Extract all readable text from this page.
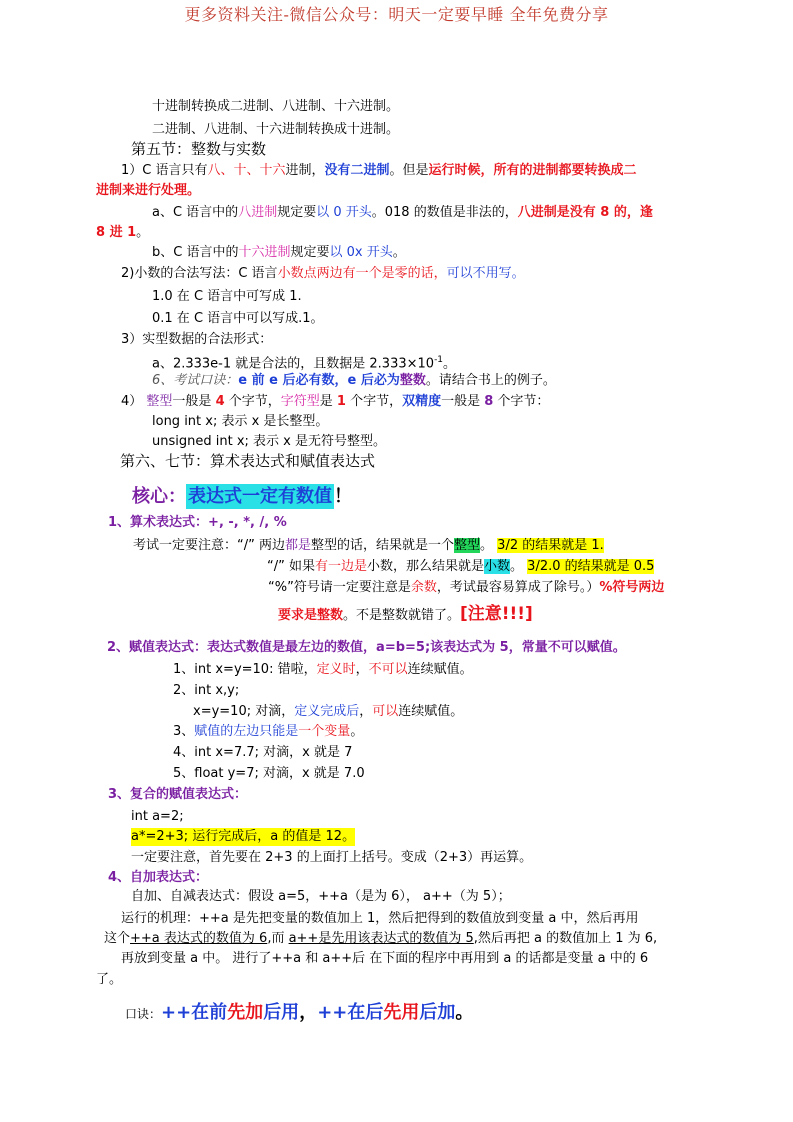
更多资料关注-微信公众号：明天一定要早睡 全年免费分享
十进制转换成二进制、八进制、十六进制。
二进制、八进制、十六进制转换成十进制。
第五节：整数与实数
1）C 语言只有八、十、十六进制，没有二进制。但是运行时候，所有的进制都要转换成二
进制来进行处理。
a、C 语言中的八进制规定要以 0 开头。018 的数值是非法的，八进制是没有 8 的，逢
8 进 1。
b、C 语言中的十六进制规定要以 0x 开头。
2)小数的合法写法：C 语言小数点两边有一个是零的话，可以不用写。
1.0 在 C 语言中可写成 1.
0.1 在 C 语言中可以写成.1。
3）实型数据的合法形式：
a、2.333e-1 就是合法的，且数据是 $2.333\times 10^{-1}$。
6、考试口诀：e 前 e 后必有数，e 后必为整数。请结合书上的例子。
4） 整型一般是 4 个字节，字符型是 1 个字节，双精度一般是 8 个字节：
long int x; 表示 x 是长整型。
unsigned int x; 表示 x 是无符号整型。
第六、七节：算术表达式和赋值表达式
核心： 表达式一定有数值 ！
1、算术表达式：+, -, *, /, %
考试一定要注意：“/” 两边都是整型的话，结果就是一个整型。 3/2 的结果就是 1.
“/” 如果有一边是小数，那么结果就是小数。 3/2.0 的结果就是 0.5
“%”符号请一定要注意是余数，考试最容易算成了除号。）%符号两边
要求是整数。不是整数就错了。[注意!!!]
2、赋值表达式：表达式数值是最左边的数值，a=b=5;该表达式为 5，常量不可以赋值。
1、int x=y=10: 错啦，定义时，不可以连续赋值。
2、int x,y;
x=y=10; 对滴，定义完成后，可以连续赋值。
3、赋值的左边只能是一个变量。
4、int x=7.7; 对滴，x 就是 7
5、float y=7; 对滴，x 就是 7.0
3、复合的赋值表达式：
int a=2;
a*=2+3; 运行完成后，a 的值是 12。
一定要注意，首先要在 2+3 的上面打上括号。变成（2+3）再运算。
4、自加表达式：
自加、自减表达式：假设 a=5，++a（是为 6）， a++（为 5）；
运行的机理：++a 是先把变量的数值加上 1，然后把得到的数值放到变量 a 中，然后再用
这个++a 表达式的数值为 6,而 a++是先用该表达式的数值为 5,然后再把 a 的数值加上 1 为 6,
再放到变量 a 中。 进行了++a 和 a++后 在下面的程序中再用到 a 的话都是变量 a 中的 6
了。
口诀：++在前先加后用，++在后先用后加。
